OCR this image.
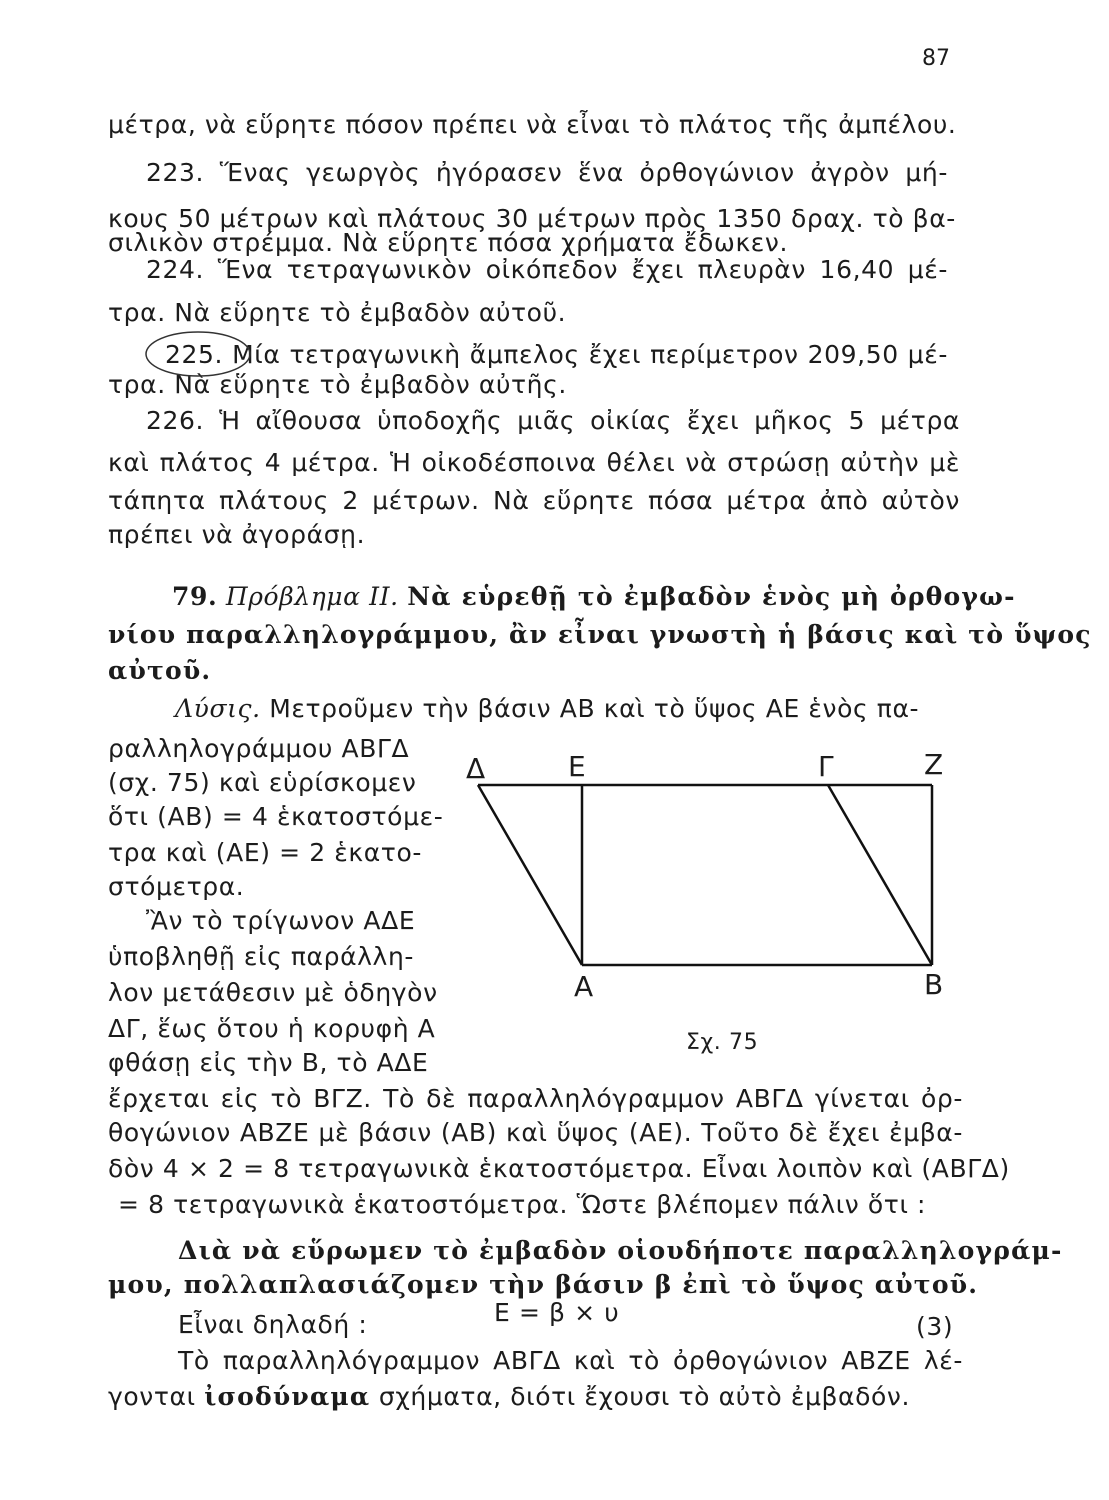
87
μέτρα, νὰ εὕρητε πόσον πρέπει νὰ εἶναι τὸ πλάτος τῆς ἀμπέλου.
223. Ἕνας γεωργὸς ἠγόρασεν ἕνα ὀρθογώνιον ἀγρὸν μή-
κους 50 μέτρων καὶ πλάτους 30 μέτρων πρὸς 1350 δραχ. τὸ βα-
σιλικὸν στρέμμα. Νὰ εὕρητε πόσα χρήματα ἔδωκεν.
224. Ἕνα τετραγωνικὸν οἰκόπεδον ἔχει πλευρὰν 16,40 μέ-
τρα. Νὰ εὕρητε τὸ ἐμβαδὸν αὐτοῦ.
225. Μία τετραγωνικὴ ἄμπελος ἔχει περίμετρον 209,50 μέ-
τρα. Νὰ εὕρητε τὸ ἐμβαδὸν αὐτῆς.
226. Ἡ αἴθουσα ὑποδοχῆς μιᾶς οἰκίας ἔχει μῆκος 5 μέτρα
καὶ πλάτος 4 μέτρα. Ἡ οἰκοδέσποινα θέλει νὰ στρώσῃ αὐτὴν μὲ
τάπητα πλάτους 2 μέτρων. Νὰ εὕρητε πόσα μέτρα ἀπὸ αὐτὸν
πρέπει νὰ ἀγοράσῃ.
79. Πρόβλημα ΙΙ. Νὰ εὑρεθῇ τὸ ἐμβαδὸν ἑνὸς μὴ ὀρθογω-
νίου παραλληλογράμμου, ἂν εἶναι γνωστὴ ἡ βάσις καὶ τὸ ὕψος
αὐτοῦ.
Λύσις. Μετροῦμεν τὴν βάσιν ΑΒ καὶ τὸ ὕψος ΑΕ ἑνὸς πα-
ραλληλογράμμου ΑΒΓΔ
(σχ. 75) καὶ εὑρίσκομεν
ὅτι (ΑΒ) = 4 ἑκατοστόμε-
τρα καὶ (ΑΕ) = 2 ἑκατο-
στόμετρα.
Ἂν τὸ τρίγωνον ΑΔΕ
ὑποβληθῇ εἰς παράλλη-
λον μετάθεσιν μὲ ὁδηγὸν
ΔΓ, ἕως ὅτου ἡ κορυφὴ Α
φθάσῃ εἰς τὴν Β, τὸ ΑΔΕ
ἔρχεται εἰς τὸ ΒΓΖ. Τὸ δὲ παραλληλόγραμμον ΑΒΓΔ γίνεται ὀρ-
θογώνιον ΑΒΖΕ μὲ βάσιν (ΑΒ) καὶ ὕψος (ΑΕ). Τοῦτο δὲ ἔχει ἐμβα-
δὸν 4 × 2 = 8 τετραγωνικὰ ἑκατοστόμετρα. Εἶναι λοιπὸν καὶ (ΑΒΓΔ)
= 8 τετραγωνικὰ ἑκατοστόμετρα. Ὥστε βλέπομεν πάλιν ὅτι :
Διὰ νὰ εὕρωμεν τὸ ἐμβαδὸν οἱουδήποτε παραλληλογράμ-
μου, πολλαπλασιάζομεν τὴν βάσιν β ἐπὶ τὸ ὕψος αὐτοῦ.
Εἶναι δηλαδή :	Ε = β × υ	(3)
Τὸ παραλληλόγραμμον ΑΒΓΔ καὶ τὸ ὀρθογώνιον ΑΒΖΕ λέ-
γονται ἰσοδύναμα σχήματα, διότι ἔχουσι τὸ αὐτὸ ἐμβαδόν.
Δ	Ε	Γ	Ζ
Α	Β
Σχ. 75
